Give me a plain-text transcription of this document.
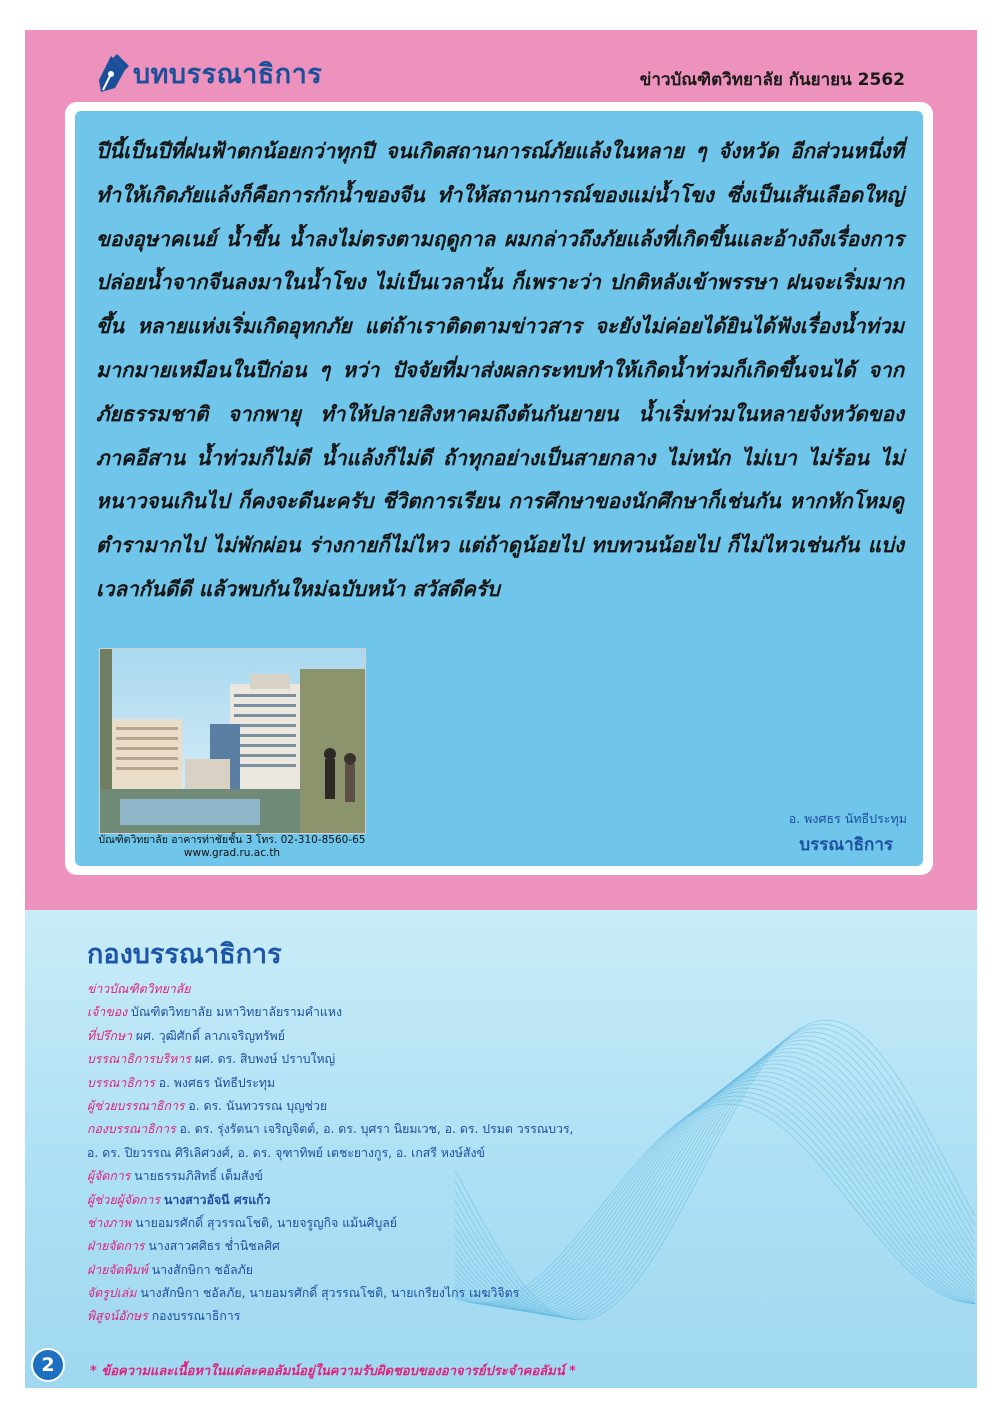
บทบรรณาธิการ	ข่าวบัณฑิตวิทยาลัย กันยายน 2562

ปีนี้เป็นปีที่ฝนฟ้าตกน้อยกว่าทุกปี จนเกิดสถานการณ์ภัยแล้งในหลาย ๆ จังหวัด อีกส่วนหนึ่งที่ทำให้เกิดภัยแล้งก็คือการกักน้ำของจีน ทำให้สถานการณ์ของแม่น้ำโขง ซึ่งเป็นเส้นเลือดใหญ่ของอุษาคเนย์ น้ำขึ้น น้ำลงไม่ตรงตามฤดูกาล ผมกล่าวถึงภัยแล้งที่เกิดขึ้นและอ้างถึงเรื่องการปล่อยน้ำจากจีนลงมาในน้ำโขง ไม่เป็นเวลานั้น ก็เพราะว่า ปกติหลังเข้าพรรษา ฝนจะเริ่มมากขึ้น หลายแห่งเริ่มเกิดอุทกภัย แต่ถ้าเราติดตามข่าวสาร จะยังไม่ค่อยได้ยินได้ฟังเรื่องน้ำท่วมมากมายเหมือนในปีก่อน ๆ หว่า ปัจจัยที่มาส่งผลกระทบทำให้เกิดน้ำท่วมก็เกิดขึ้นจนได้ จากภัยธรรมชาติ จากพายุ ทำให้ปลายสิงหาคมถึงต้นกันยายน น้ำเริ่มท่วมในหลายจังหวัดของภาคอีสาน น้ำท่วมก็ไม่ดี น้ำแล้งก็ไม่ดี ถ้าทุกอย่างเป็นสายกลาง ไม่หนัก ไม่เบา ไม่ร้อน ไม่หนาวจนเกินไป ก็คงจะดีนะครับ ชีวิตการเรียน การศึกษาของนักศึกษาก็เช่นกัน หากหักโหมดูตำรามากไป ไม่พักผ่อน ร่างกายก็ไม่ไหว แต่ถ้าดูน้อยไป ทบทวนน้อยไป ก็ไม่ไหวเช่นกัน แบ่งเวลากันดีดี แล้วพบกันใหม่ฉบับหน้า สวัสดีครับ

บัณฑิตวิทยาลัย อาคารท่าชัยชั้น 3 โทร. 02-310-8560-65
www.grad.ru.ac.th
อ. พงศธร นัทธีประทุม
บรรณาธิการ
กองบรรณาธิการ
ข่าวบัณฑิตวิทยาลัย
เจ้าของ บัณฑิตวิทยาลัย มหาวิทยาลัยรามคำแหง
ที่ปรึกษา ผศ. วุฒิศักดิ์ ลาภเจริญทรัพย์
บรรณาธิการบริหาร ผศ. ดร. สิบพงษ์ ปราบใหญ่
บรรณาธิการ อ. พงศธร นัทธีประทุม
ผู้ช่วยบรรณาธิการ อ. ดร. นันทวรรณ บุญช่วย
กองบรรณาธิการ อ. ดร. รุ่งรัตนา เจริญจิตต์, อ. ดร. บุศรา นิยมเวช, อ. ดร. ปรมต วรรณบวร,
อ. ดร. ปิยวรรณ ศิริเลิศวงศ์, อ. ดร. จุฑาทิพย์ เตชะยางกูร, อ. เกสรี หงษ์สังข์
ผู้จัดการ นายธรรมภิสิทธิ์ เต็มสังข์
ผู้ช่วยผู้จัดการ นางสาวอัจนี ศรแก้ว
ช่างภาพ นายอมรศักดิ์ สุวรรณโชติ, นายจรูญกิจ แม้นศิบูลย์
ฝ่ายจัดการ นางสาวศศิธร ช่ำนิชลศิศ
ฝ่ายจัดพิมพ์ นางสักษิกา ชอัลภัย
จัดรูปเล่ม นางสักษิกา ชอัลภัย, นายอมรศักดิ์ สุวรรณโชติ, นายเกรียงไกร เมฆวิจิตร
พิสูจน์อักษร กองบรรณาธิการ
2	* ข้อความและเนื้อหาในแต่ละคอลัมน์อยู่ในความรับผิดชอบของอาจารย์ประจำคอลัมน์ *
